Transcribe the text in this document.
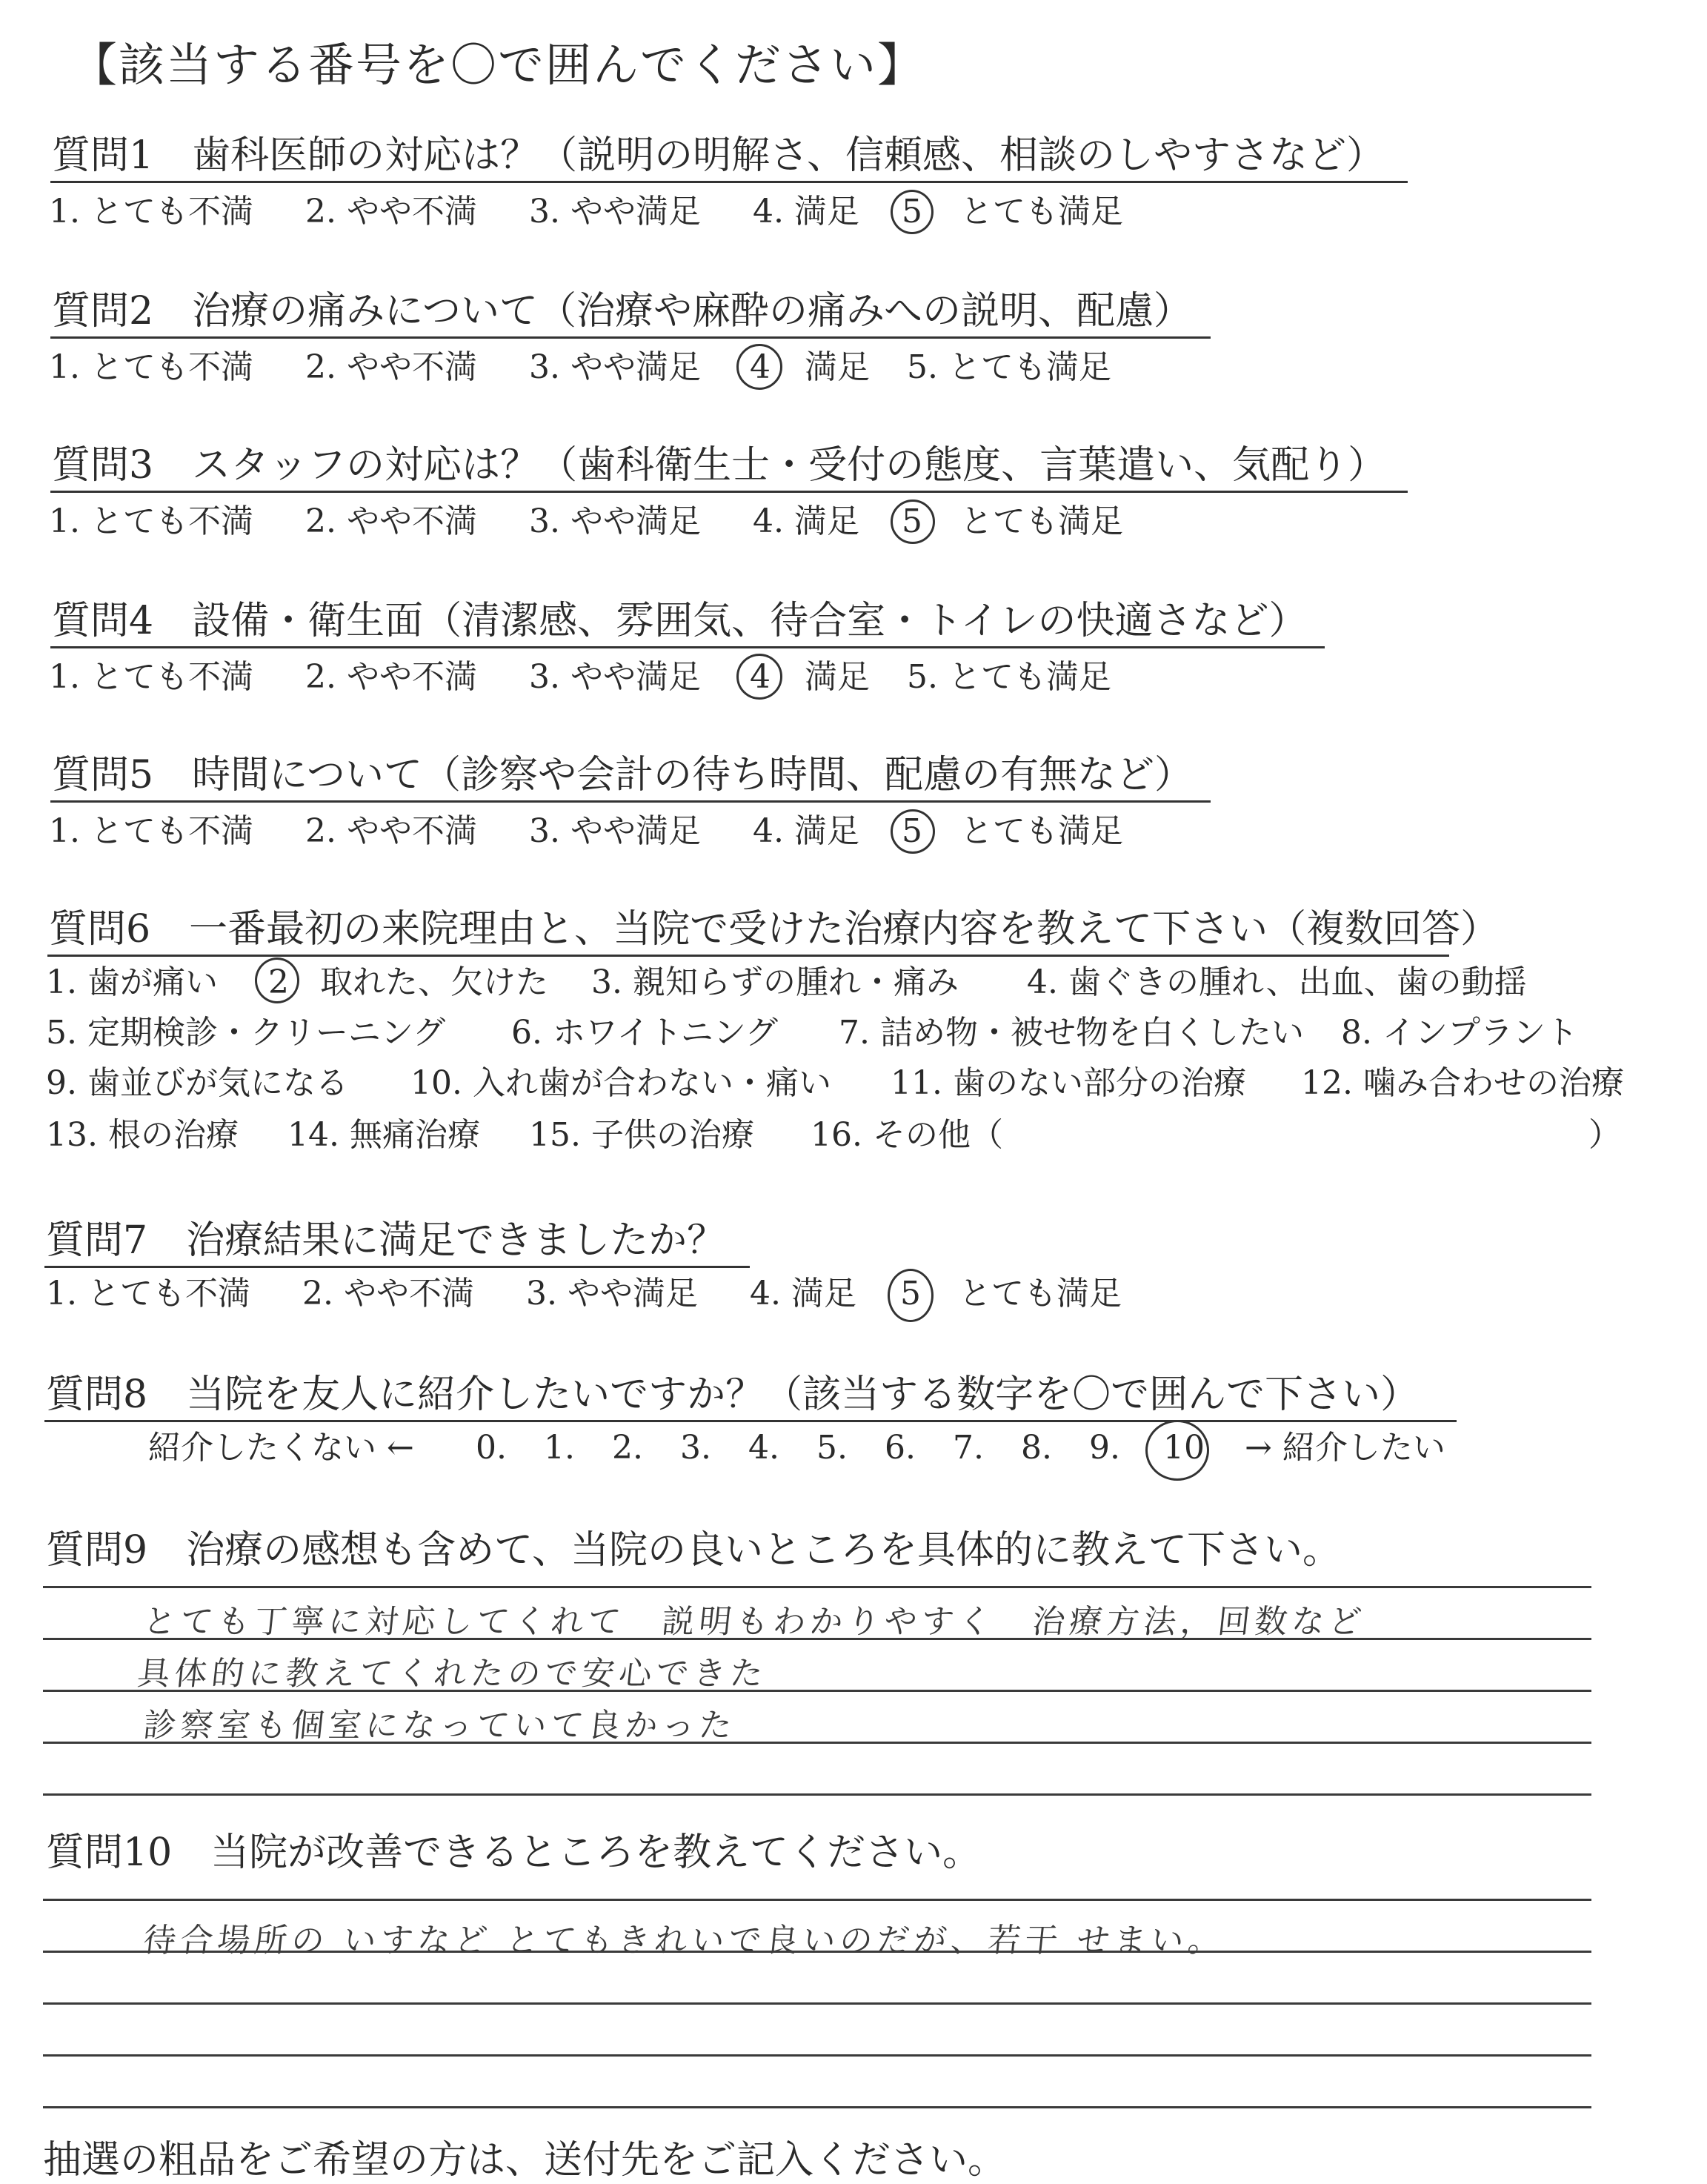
【該当する番号を〇で囲んでください】
質問1　歯科医師の対応は？（説明の明解さ、信頼感、相談のしやすさなど）
1. とても不満 2. やや不満 3. やや満足 4. 満足 5 とても満足
質問2　治療の痛みについて（治療や麻酔の痛みへの説明、配慮）
1. とても不満 2. やや不満 3. やや満足 4 満足 5. とても満足
質問3　スタッフの対応は？（歯科衛生士・受付の態度、言葉遣い、気配り）
1. とても不満 2. やや不満 3. やや満足 4. 満足 5 とても満足
質問4　設備・衛生面（清潔感、雰囲気、待合室・トイレの快適さなど）
1. とても不満 2. やや不満 3. やや満足 4 満足 5. とても満足
質問5　時間について（診察や会計の待ち時間、配慮の有無など）
1. とても不満 2. やや不満 3. やや満足 4. 満足 5 とても満足
質問6　一番最初の来院理由と、当院で受けた治療内容を教えて下さい（複数回答）
1. 歯が痛い 2 取れた、欠けた 3. 親知らずの腫れ・痛み 4. 歯ぐきの腫れ、出血、歯の動揺
5. 定期検診・クリーニング 6. ホワイトニング 7. 詰め物・被せ物を白くしたい 8. インプラント
9. 歯並びが気になる 10. 入れ歯が合わない・痛い 11. 歯のない部分の治療 12. 噛み合わせの治療
13. 根の治療 14. 無痛治療 15. 子供の治療 16. その他（	）
質問7　治療結果に満足できましたか？
1. とても不満 2. やや不満 3. やや満足 4. 満足 5 とても満足
質問8　当院を友人に紹介したいですか？（該当する数字を〇で囲んで下さい）
紹介したくない ← 0. 1. 2. 3. 4. 5. 6. 7. 8. 9. 10 → 紹介したい
質問9　治療の感想も含めて、当院の良いところを具体的に教えて下さい。
とても丁寧に対応してくれて　説明もわかりやすく　治療方法，回数など
具体的に教えてくれたので安心できた
診察室も個室になっていて良かった
質問10　当院が改善できるところを教えてください。
待合場所の いすなど とてもきれいで良いのだが、若干 せまい。
抽選の粗品をご希望の方は、送付先をご記入ください。
